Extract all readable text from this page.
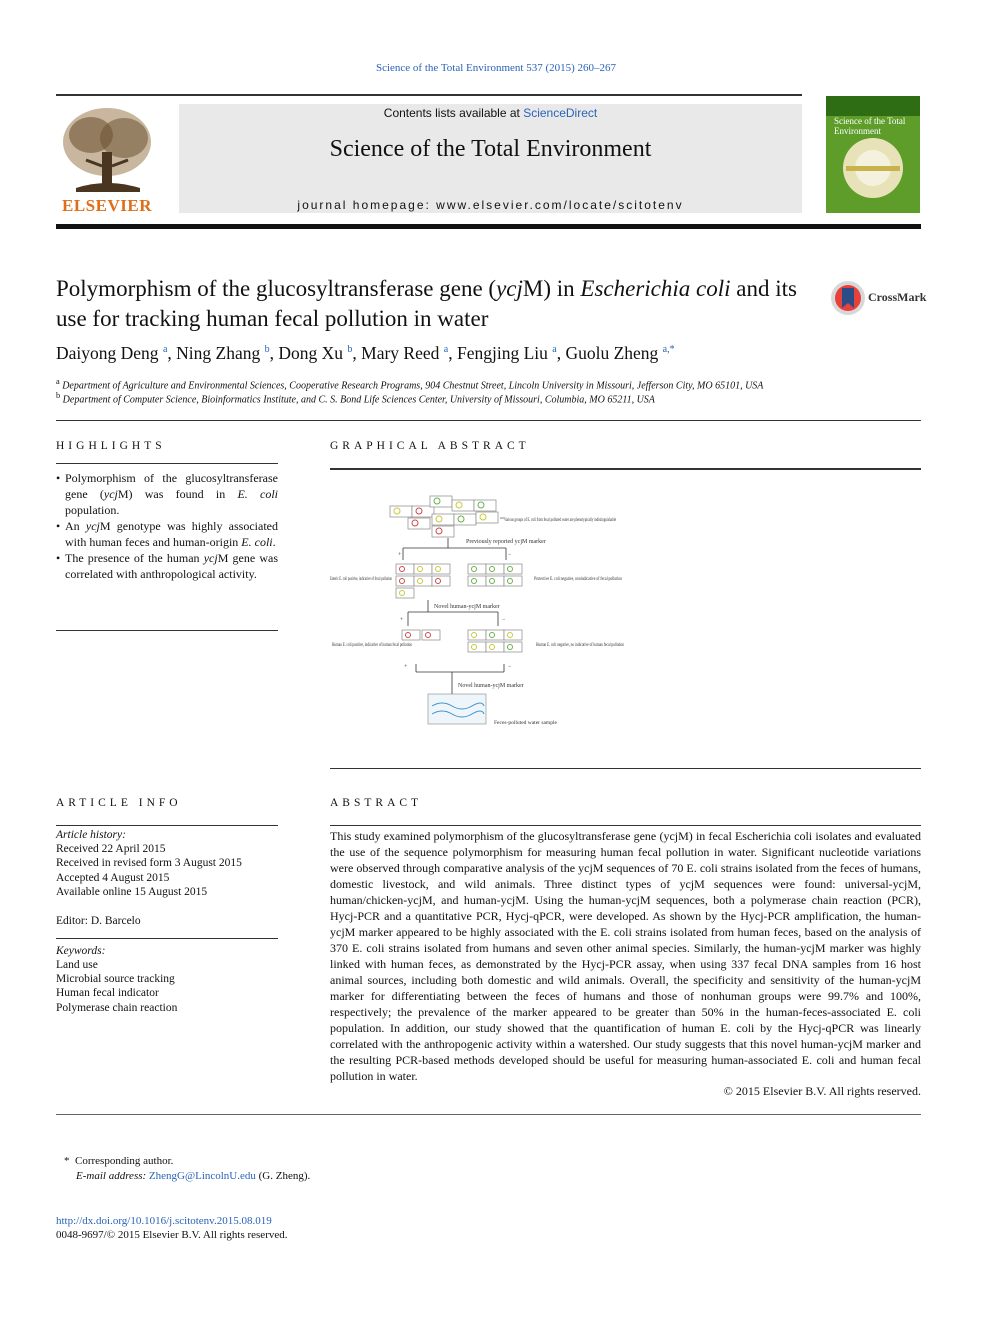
Science of the Total Environment 537 (2015) 260–267
ELSEVIER
Contents lists available at ScienceDirect
Science of the Total Environment
journal homepage: www.elsevier.com/locate/scitotenv
Science of the Total Environment
Polymorphism of the glucosyltransferase gene (ycjM) in Escherichia coli and its use for tracking human fecal pollution in water
CrossMark
Daiyong Deng $^a$, Ning Zhang $^b$, Dong Xu $^b$, Mary Reed $^a$, Fengjing Liu $^a$, Guolu Zheng $^{a,*}$
$^a$ Department of Agriculture and Environmental Sciences, Cooperative Research Programs, 904 Chestnut Street, Lincoln University in Missouri, Jefferson City, MO 65101, USA
$^b$ Department of Computer Science, Bioinformatics Institute, and C. S. Bond Life Sciences Center, University of Missouri, Columbia, MO 65211, USA
HIGHLIGHTS
• Polymorphism of the glucosyltransferase gene (ycjM) was found in E. coli population.
• An ycjM genotype was highly associated with human feces and human-origin E. coli.
• The presence of the human ycjM gene was correlated with anthropological activity.
GRAPHICAL ABSTRACT
Various groups of E. coli from fecal polluted water are phenotypically indistinguishable
Previously reported ycjM marker
+	−
Enteric E. coli positive, indicative of fecal pollution	Protective E. coli negative, nonindicative of fecal pollution
Novel human-ycjM marker
+	−
Human E. coli positive, indicative of human fecal pollution	Human E. coli negative, no indicative of human fecal pollution
+	−
Novel human-ycjM marker
Feces-polluted water sample
ARTICLE INFO
Article history:
Received 22 April 2015
Received in revised form 3 August 2015
Accepted 4 August 2015
Available online 15 August 2015
Editor: D. Barcelo
Keywords:
Land use
Microbial source tracking
Human fecal indicator
Polymerase chain reaction
ABSTRACT
This study examined polymorphism of the glucosyltransferase gene (ycjM) in fecal Escherichia coli isolates and evaluated the use of the sequence polymorphism for measuring human fecal pollution in water. Significant nucleotide variations were observed through comparative analysis of the ycjM sequences of 70 E. coli strains isolated from the feces of humans, domestic livestock, and wild animals. Three distinct types of ycjM sequences were found: universal-ycjM, human/chicken-ycjM, and human-ycjM. Using the human-ycjM sequences, both a polymerase chain reaction (PCR), Hycj-PCR and a quantitative PCR, Hycj-qPCR, were developed. As shown by the Hycj-PCR amplification, the human-ycjM marker appeared to be highly associated with the E. coli strains isolated from human feces, based on the analysis of 370 E. coli strains isolated from humans and seven other animal species. Similarly, the human-ycjM marker was highly linked with human feces, as demonstrated by the Hycj-PCR assay, when using 337 fecal DNA samples from 16 host animal sources, including both domestic and wild animals. Overall, the specificity and sensitivity of the human-ycjM marker for differentiating between the feces of humans and those of nonhuman groups were 99.7% and 100%, respectively; the prevalence of the marker appeared to be greater than 50% in the human-feces-associated E. coli population. In addition, our study showed that the quantification of human E. coli by the Hycj-qPCR was linearly correlated with the anthropogenic activity within a watershed. Our study suggests that this novel human-ycjM marker and the resulting PCR-based methods developed should be useful for measuring human-associated E. coli and human fecal pollution in water.
© 2015 Elsevier B.V. All rights reserved.
* Corresponding author.
E-mail address: ZhengG@LincolnU.edu (G. Zheng).
http://dx.doi.org/10.1016/j.scitotenv.2015.08.019
0048-9697/© 2015 Elsevier B.V. All rights reserved.
